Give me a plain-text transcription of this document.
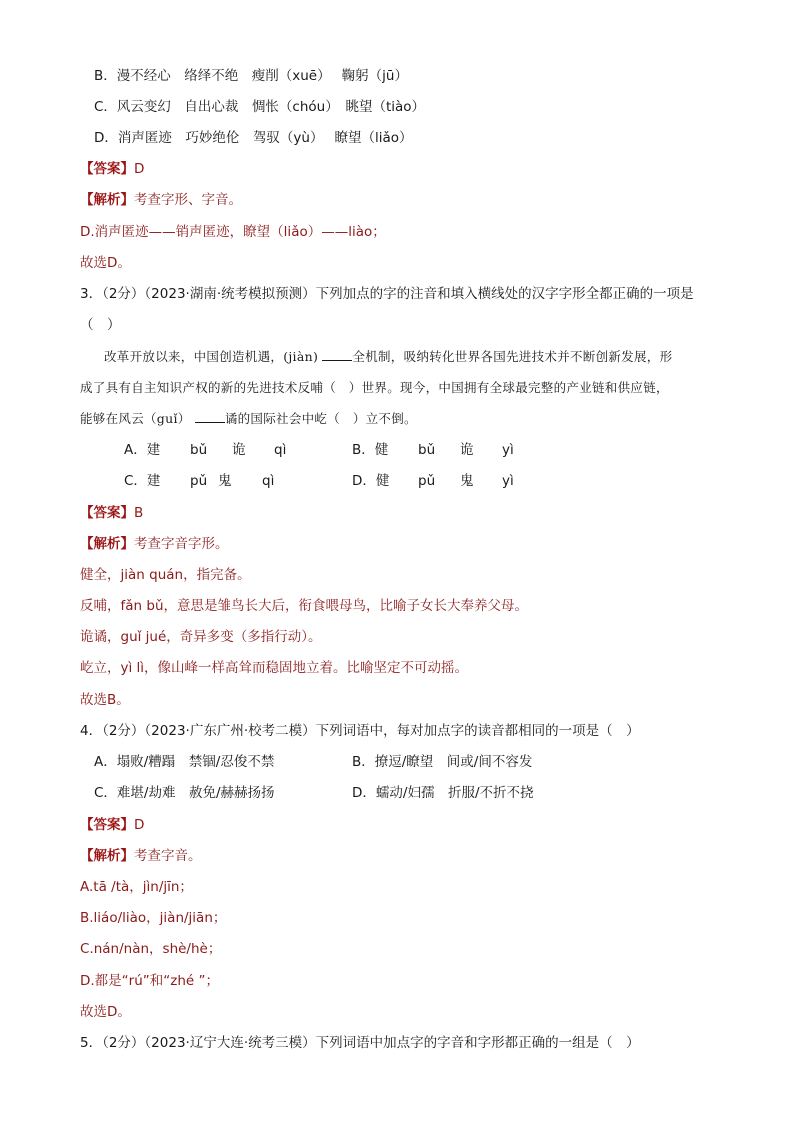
B．漫不经心　络绎不绝　瘦削（xuē）　 鞠躬（jū）
C．风云变幻　自出心裁　惆怅（chóu）　眺望（tiào）
D．消声匿迹　巧妙绝伦　驾驭（yù）　 瞭望（liǎo）
【答案】D
【解析】考查字形、字音。
D.消声匿迹——销声匿迹，瞭望（liǎo）——liào；
故选D。
3．（2分）（2023·湖南·统考模拟预测）下列加点的字的注音和填入横线处的汉字字形全都正确的一项是
（　）
改革开放以来，中国创造机遇，(jiàn) 全机制，吸纳转化世界各国先进技术并不断创新发展，形
成了具有自主知识产权的新的先进技术反哺（　）世界。现今，中国拥有全球最完整的产业链和供应链，
能够在风云（guǐ） 谲的国际社会中屹（　）立不倒。
A．建 bǔ 诡 qì	B．健 bǔ 诡 yì
C．建 pǔ 鬼 qì	D．健 pǔ 鬼 yì
【答案】B
【解析】考查字音字形。
健全，jiàn quán，指完备。
反哺，fǎn bǔ，意思是雏鸟长大后，衔食喂母鸟，比喻子女长大奉养父母。
诡谲，guǐ jué，奇异多变（多指行动）。
屹立，yì lì，像山峰一样高耸而稳固地立着。比喻坚定不可动摇。
故选B。
4．（2分）（2023·广东广州·校考二模）下列词语中，每对加点字的读音都相同的一项是（　）
A．塌败/糟蹋　禁锢/忍俊不禁	B．撩逗/瞭望　间或/间不容发
C．难堪/劫难　赦免/赫赫扬扬	D．蠕动/妇孺　折服/不折不挠
【答案】D
【解析】考查字音。
A.tā /tà，jìn/jīn；
B.liáo/liào，jiàn/jiān；
C.nán/nàn，shè/hè；
D.都是“rú”和“zhé ”；
故选D。
5．（2分）（2023·辽宁大连·统考三模）下列词语中加点字的字音和字形都正确的一组是（　）
